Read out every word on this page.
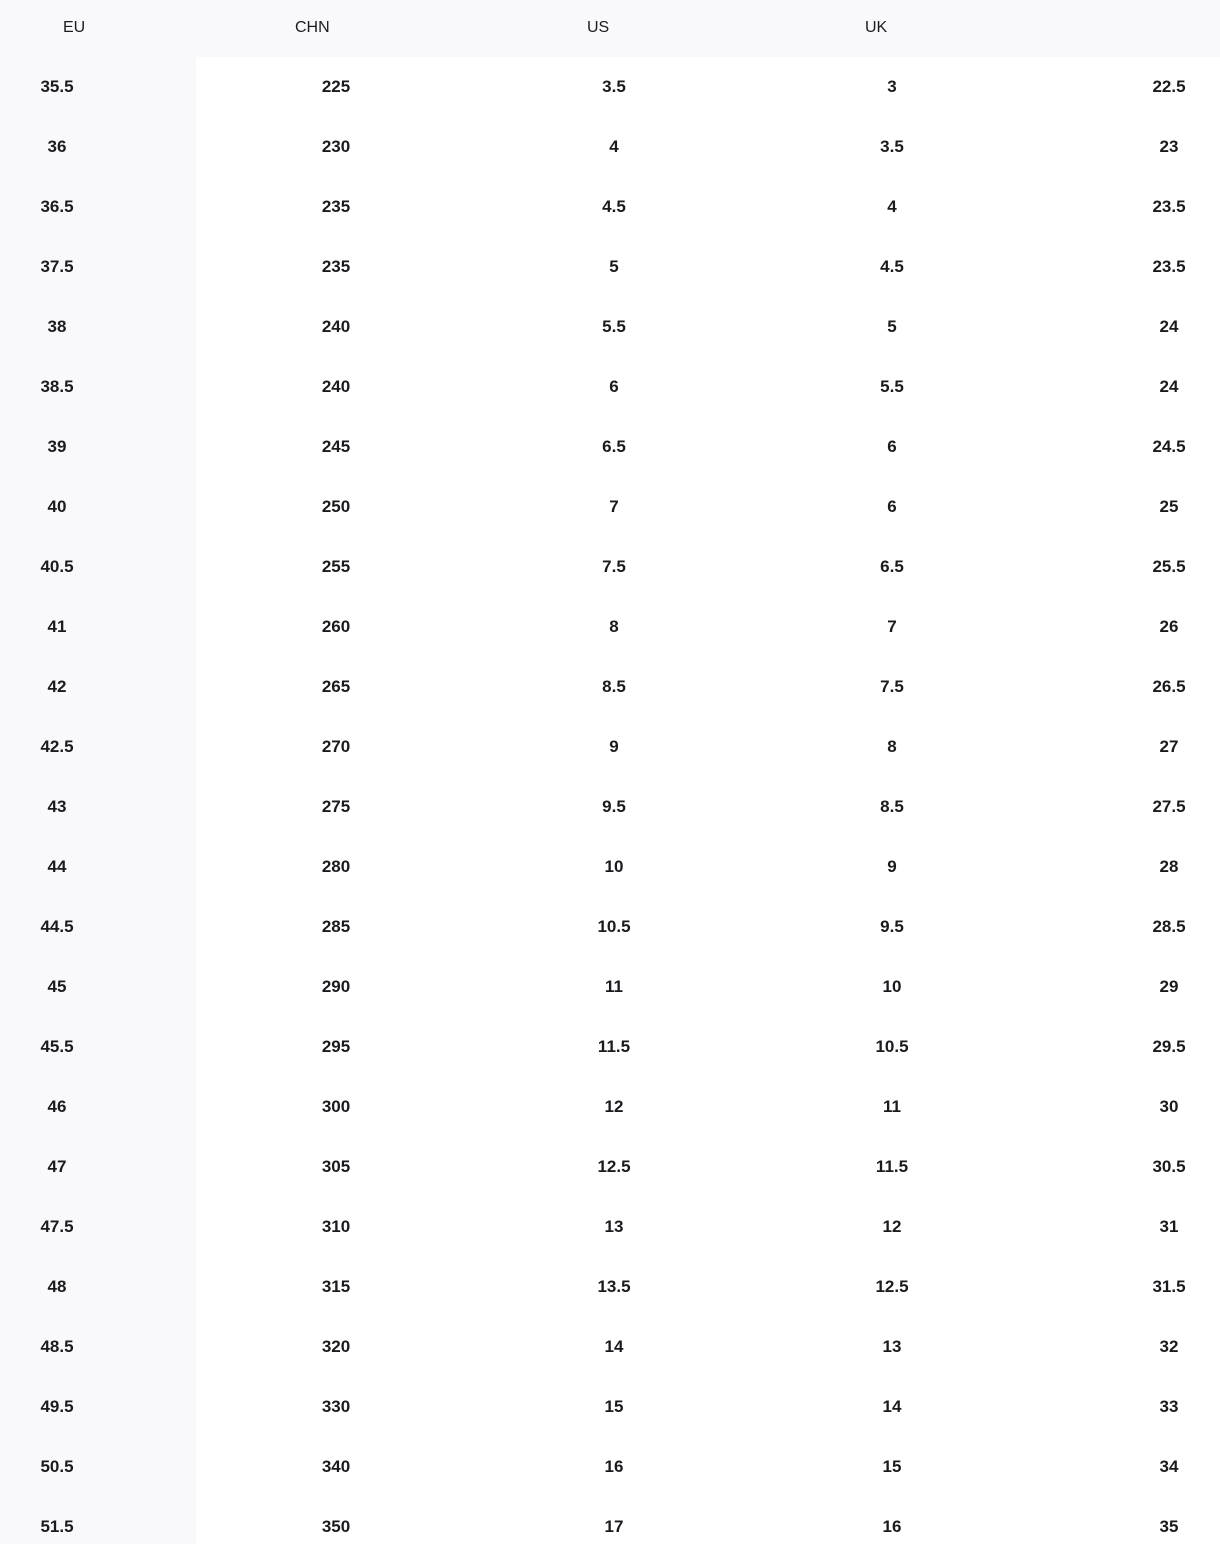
EU	CHN	US	UK
35.5	225	3.5	3	22.5
36	230	4	3.5	23
36.5	235	4.5	4	23.5
37.5	235	5	4.5	23.5
38	240	5.5	5	24
38.5	240	6	5.5	24
39	245	6.5	6	24.5
40	250	7	6	25
40.5	255	7.5	6.5	25.5
41	260	8	7	26
42	265	8.5	7.5	26.5
42.5	270	9	8	27
43	275	9.5	8.5	27.5
44	280	10	9	28
44.5	285	10.5	9.5	28.5
45	290	11	10	29
45.5	295	11.5	10.5	29.5
46	300	12	11	30
47	305	12.5	11.5	30.5
47.5	310	13	12	31
48	315	13.5	12.5	31.5
48.5	320	14	13	32
49.5	330	15	14	33
50.5	340	16	15	34
51.5	350	17	16	35
